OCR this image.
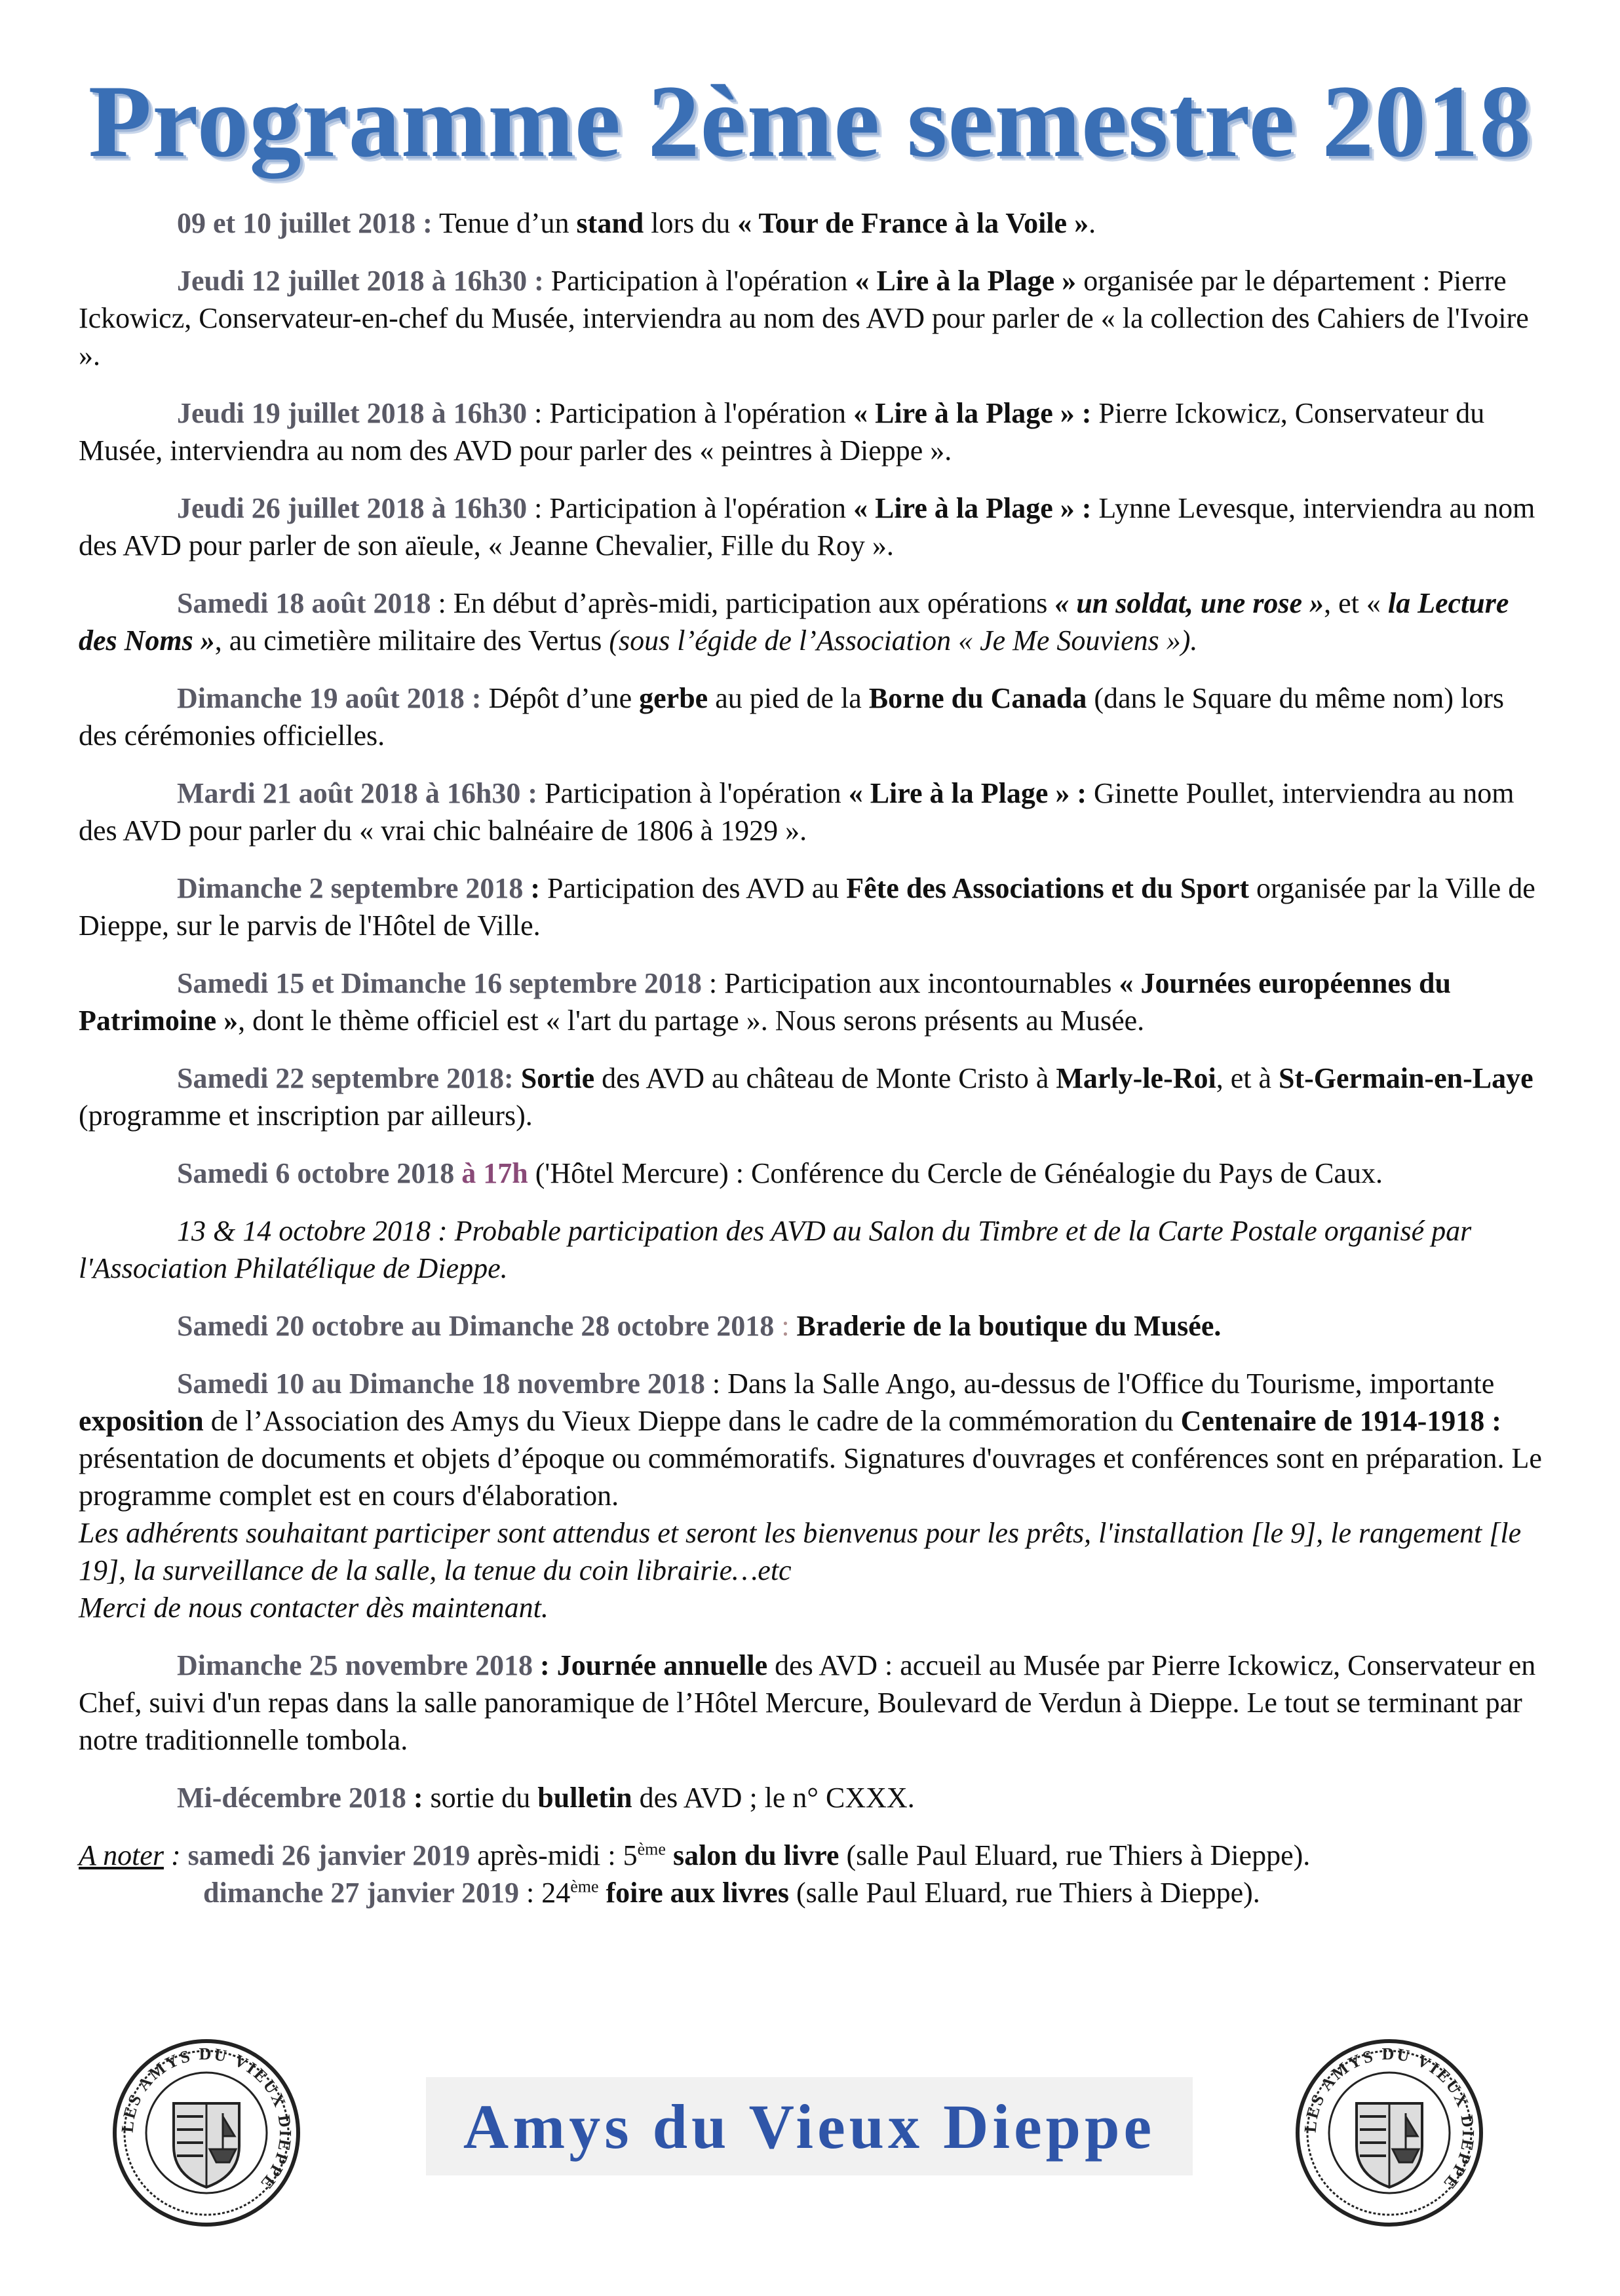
Programme 2ème semestre 2018

09 et 10 juillet 2018 : Tenue d’un stand lors du « Tour de France à la Voile ».

Jeudi 12 juillet 2018 à 16h30 : Participation à l'opération « Lire à la Plage » organisée par le département : Pierre Ickowicz, Conservateur-en-chef du Musée, interviendra au nom des AVD pour parler de « la collection des Cahiers de l'Ivoire ».

Jeudi 19 juillet 2018 à 16h30 : Participation à l'opération « Lire à la Plage » : Pierre Ickowicz, Conservateur du Musée, interviendra au nom des AVD pour parler des « peintres à Dieppe ».

Jeudi 26 juillet 2018 à 16h30 : Participation à l'opération « Lire à la Plage » : Lynne Levesque, interviendra au nom des AVD pour parler de son aïeule, « Jeanne Chevalier, Fille du Roy ».

Samedi 18 août 2018 : En début d’après-midi, participation aux opérations « un soldat, une rose », et « la Lecture des Noms », au cimetière militaire des Vertus (sous l’égide de l’Association « Je Me Souviens »).

Dimanche 19 août 2018 : Dépôt d’une gerbe au pied de la Borne du Canada (dans le Square du même nom) lors des cérémonies officielles.

Mardi 21 août 2018 à 16h30 : Participation à l'opération « Lire à la Plage » : Ginette Poullet, interviendra au nom des AVD pour parler du « vrai chic balnéaire de 1806 à 1929 ».

Dimanche 2 septembre 2018 : Participation des AVD au Fête des Associations et du Sport organisée par la Ville de Dieppe, sur le parvis de l'Hôtel de Ville.

Samedi 15 et Dimanche 16 septembre 2018 : Participation aux incontournables « Journées européennes du Patrimoine », dont le thème officiel est « l'art du partage ». Nous serons présents au Musée.

Samedi 22 septembre 2018: Sortie des AVD au château de Monte Cristo à Marly-le-Roi, et à St-Germain-en-Laye (programme et inscription par ailleurs).

Samedi 6 octobre 2018 à 17h ('Hôtel Mercure) : Conférence du Cercle de Généalogie du Pays de Caux.

13 & 14 octobre 2018 : Probable participation des AVD au Salon du Timbre et de la Carte Postale organisé par l'Association Philatélique de Dieppe.

Samedi 20 octobre au Dimanche 28 octobre 2018 : Braderie de la boutique du Musée.

Samedi 10 au Dimanche 18 novembre 2018 : Dans la Salle Ango, au-dessus de l'Office du Tourisme, importante exposition de l’Association des Amys du Vieux Dieppe dans le cadre de la commémoration du Centenaire de 1914-1918 : présentation de documents et objets d’époque ou commémoratifs. Signatures d'ouvrages et conférences sont en préparation. Le programme complet est en cours d'élaboration.

Les adhérents souhaitant participer sont attendus et seront les bienvenus pour les prêts, l'installation [le 9], le rangement [le 19], la surveillance de la salle, la tenue du coin librairie…etc

Merci de nous contacter dès maintenant.

Dimanche 25 novembre 2018 : Journée annuelle des AVD : accueil au Musée par Pierre Ickowicz, Conservateur en Chef, suivi d'un repas dans la salle panoramique de l’Hôtel Mercure, Boulevard de Verdun à Dieppe. Le tout se terminant par notre traditionnelle tombola.

Mi-décembre 2018 : sortie du bulletin des AVD ; le n° CXXX.

A noter : samedi 26 janvier 2019 après-midi : 5ème salon du livre (salle Paul Eluard, rue Thiers à Dieppe).

dimanche 27 janvier 2019 : 24ème foire aux livres (salle Paul Eluard, rue Thiers à Dieppe).

LES AMYS DU VIEUX DIEPPE
Amys du Vieux Dieppe	LES AMYS DU VIEUX DIEPPE
